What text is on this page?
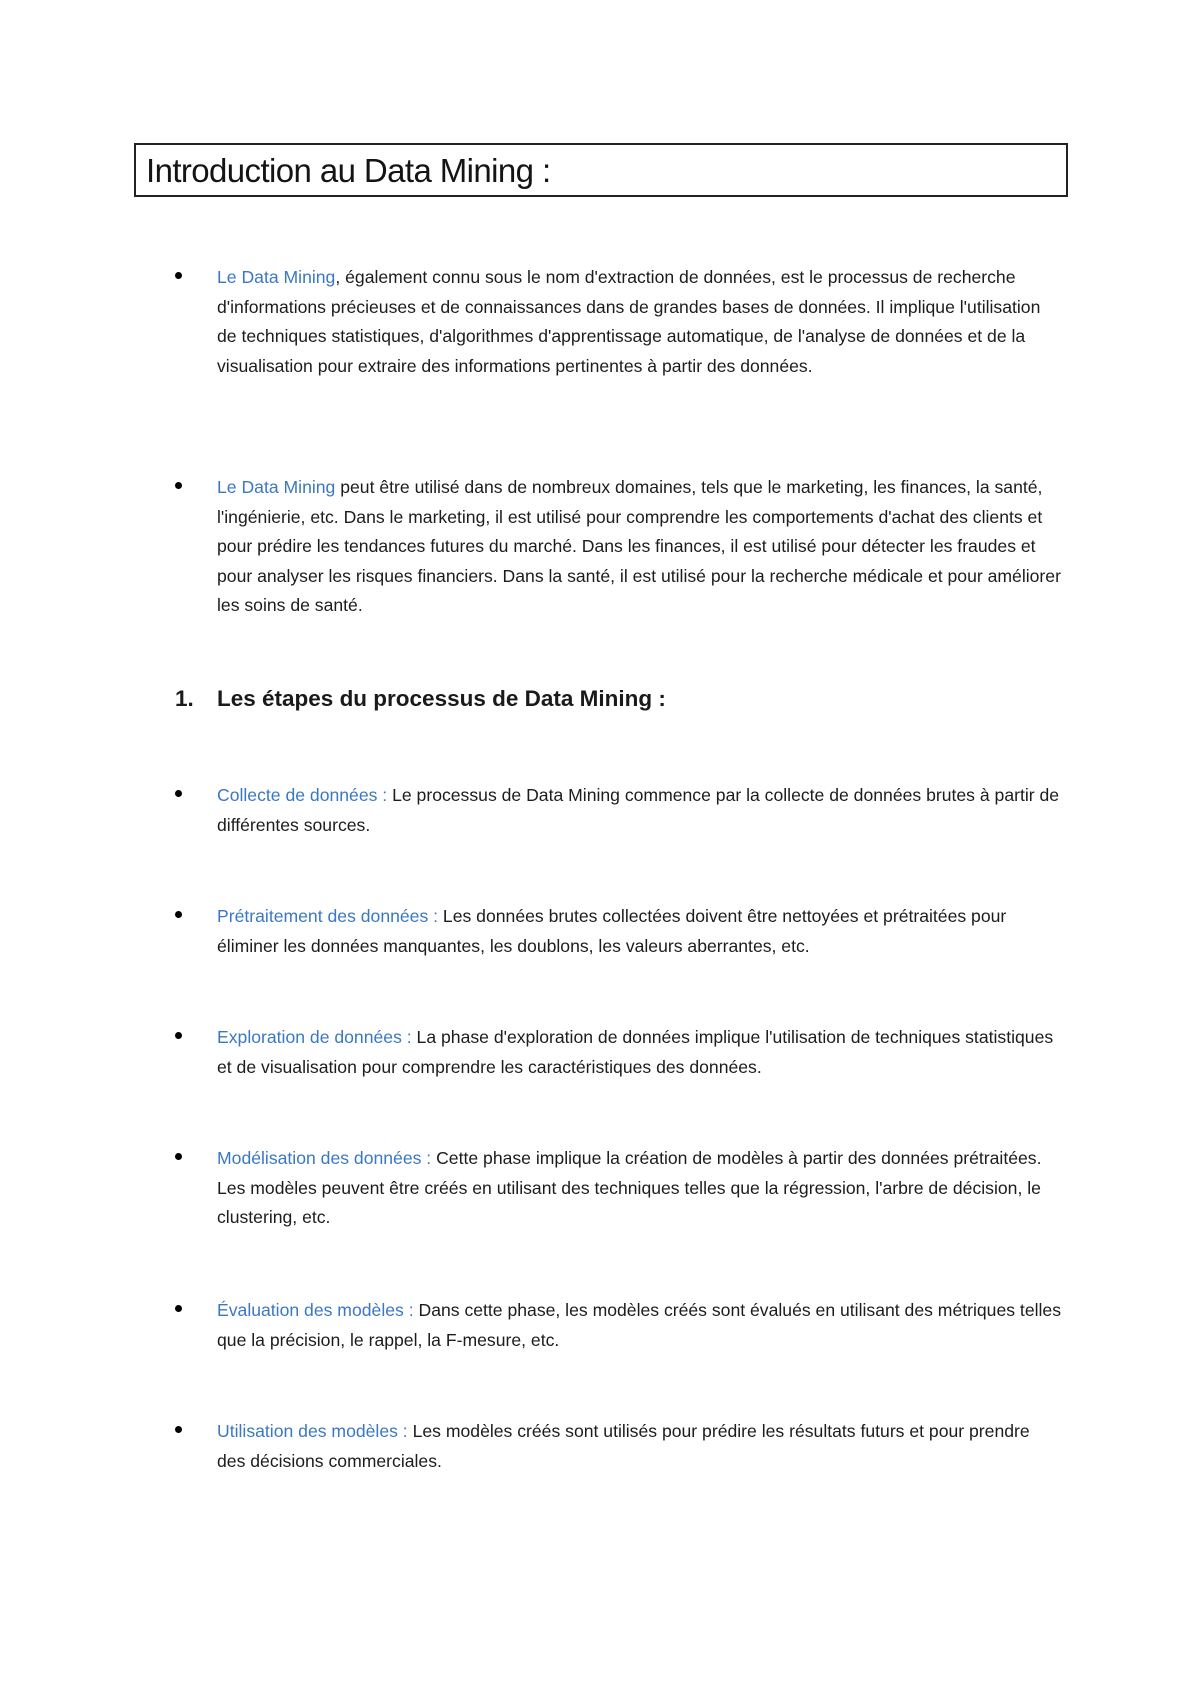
Introduction au Data Mining :
Le Data Mining, également connu sous le nom d'extraction de données, est le processus de recherche d'informations précieuses et de connaissances dans de grandes bases de données. Il implique l'utilisation de techniques statistiques, d'algorithmes d'apprentissage automatique, de l'analyse de données et de la visualisation pour extraire des informations pertinentes à partir des données.
Le Data Mining peut être utilisé dans de nombreux domaines, tels que le marketing, les finances, la santé, l'ingénierie, etc. Dans le marketing, il est utilisé pour comprendre les comportements d'achat des clients et pour prédire les tendances futures du marché. Dans les finances, il est utilisé pour détecter les fraudes et pour analyser les risques financiers. Dans la santé, il est utilisé pour la recherche médicale et pour améliorer les soins de santé.
1. Les étapes du processus de Data Mining :
Collecte de données : Le processus de Data Mining commence par la collecte de données brutes à partir de différentes sources.
Prétraitement des données : Les données brutes collectées doivent être nettoyées et prétraitées pour éliminer les données manquantes, les doublons, les valeurs aberrantes, etc.
Exploration de données : La phase d'exploration de données implique l'utilisation de techniques statistiques et de visualisation pour comprendre les caractéristiques des données.
Modélisation des données : Cette phase implique la création de modèles à partir des données prétraitées. Les modèles peuvent être créés en utilisant des techniques telles que la régression, l'arbre de décision, le clustering, etc.
Évaluation des modèles : Dans cette phase, les modèles créés sont évalués en utilisant des métriques telles que la précision, le rappel, la F-mesure, etc.
Utilisation des modèles : Les modèles créés sont utilisés pour prédire les résultats futurs et pour prendre des décisions commerciales.
